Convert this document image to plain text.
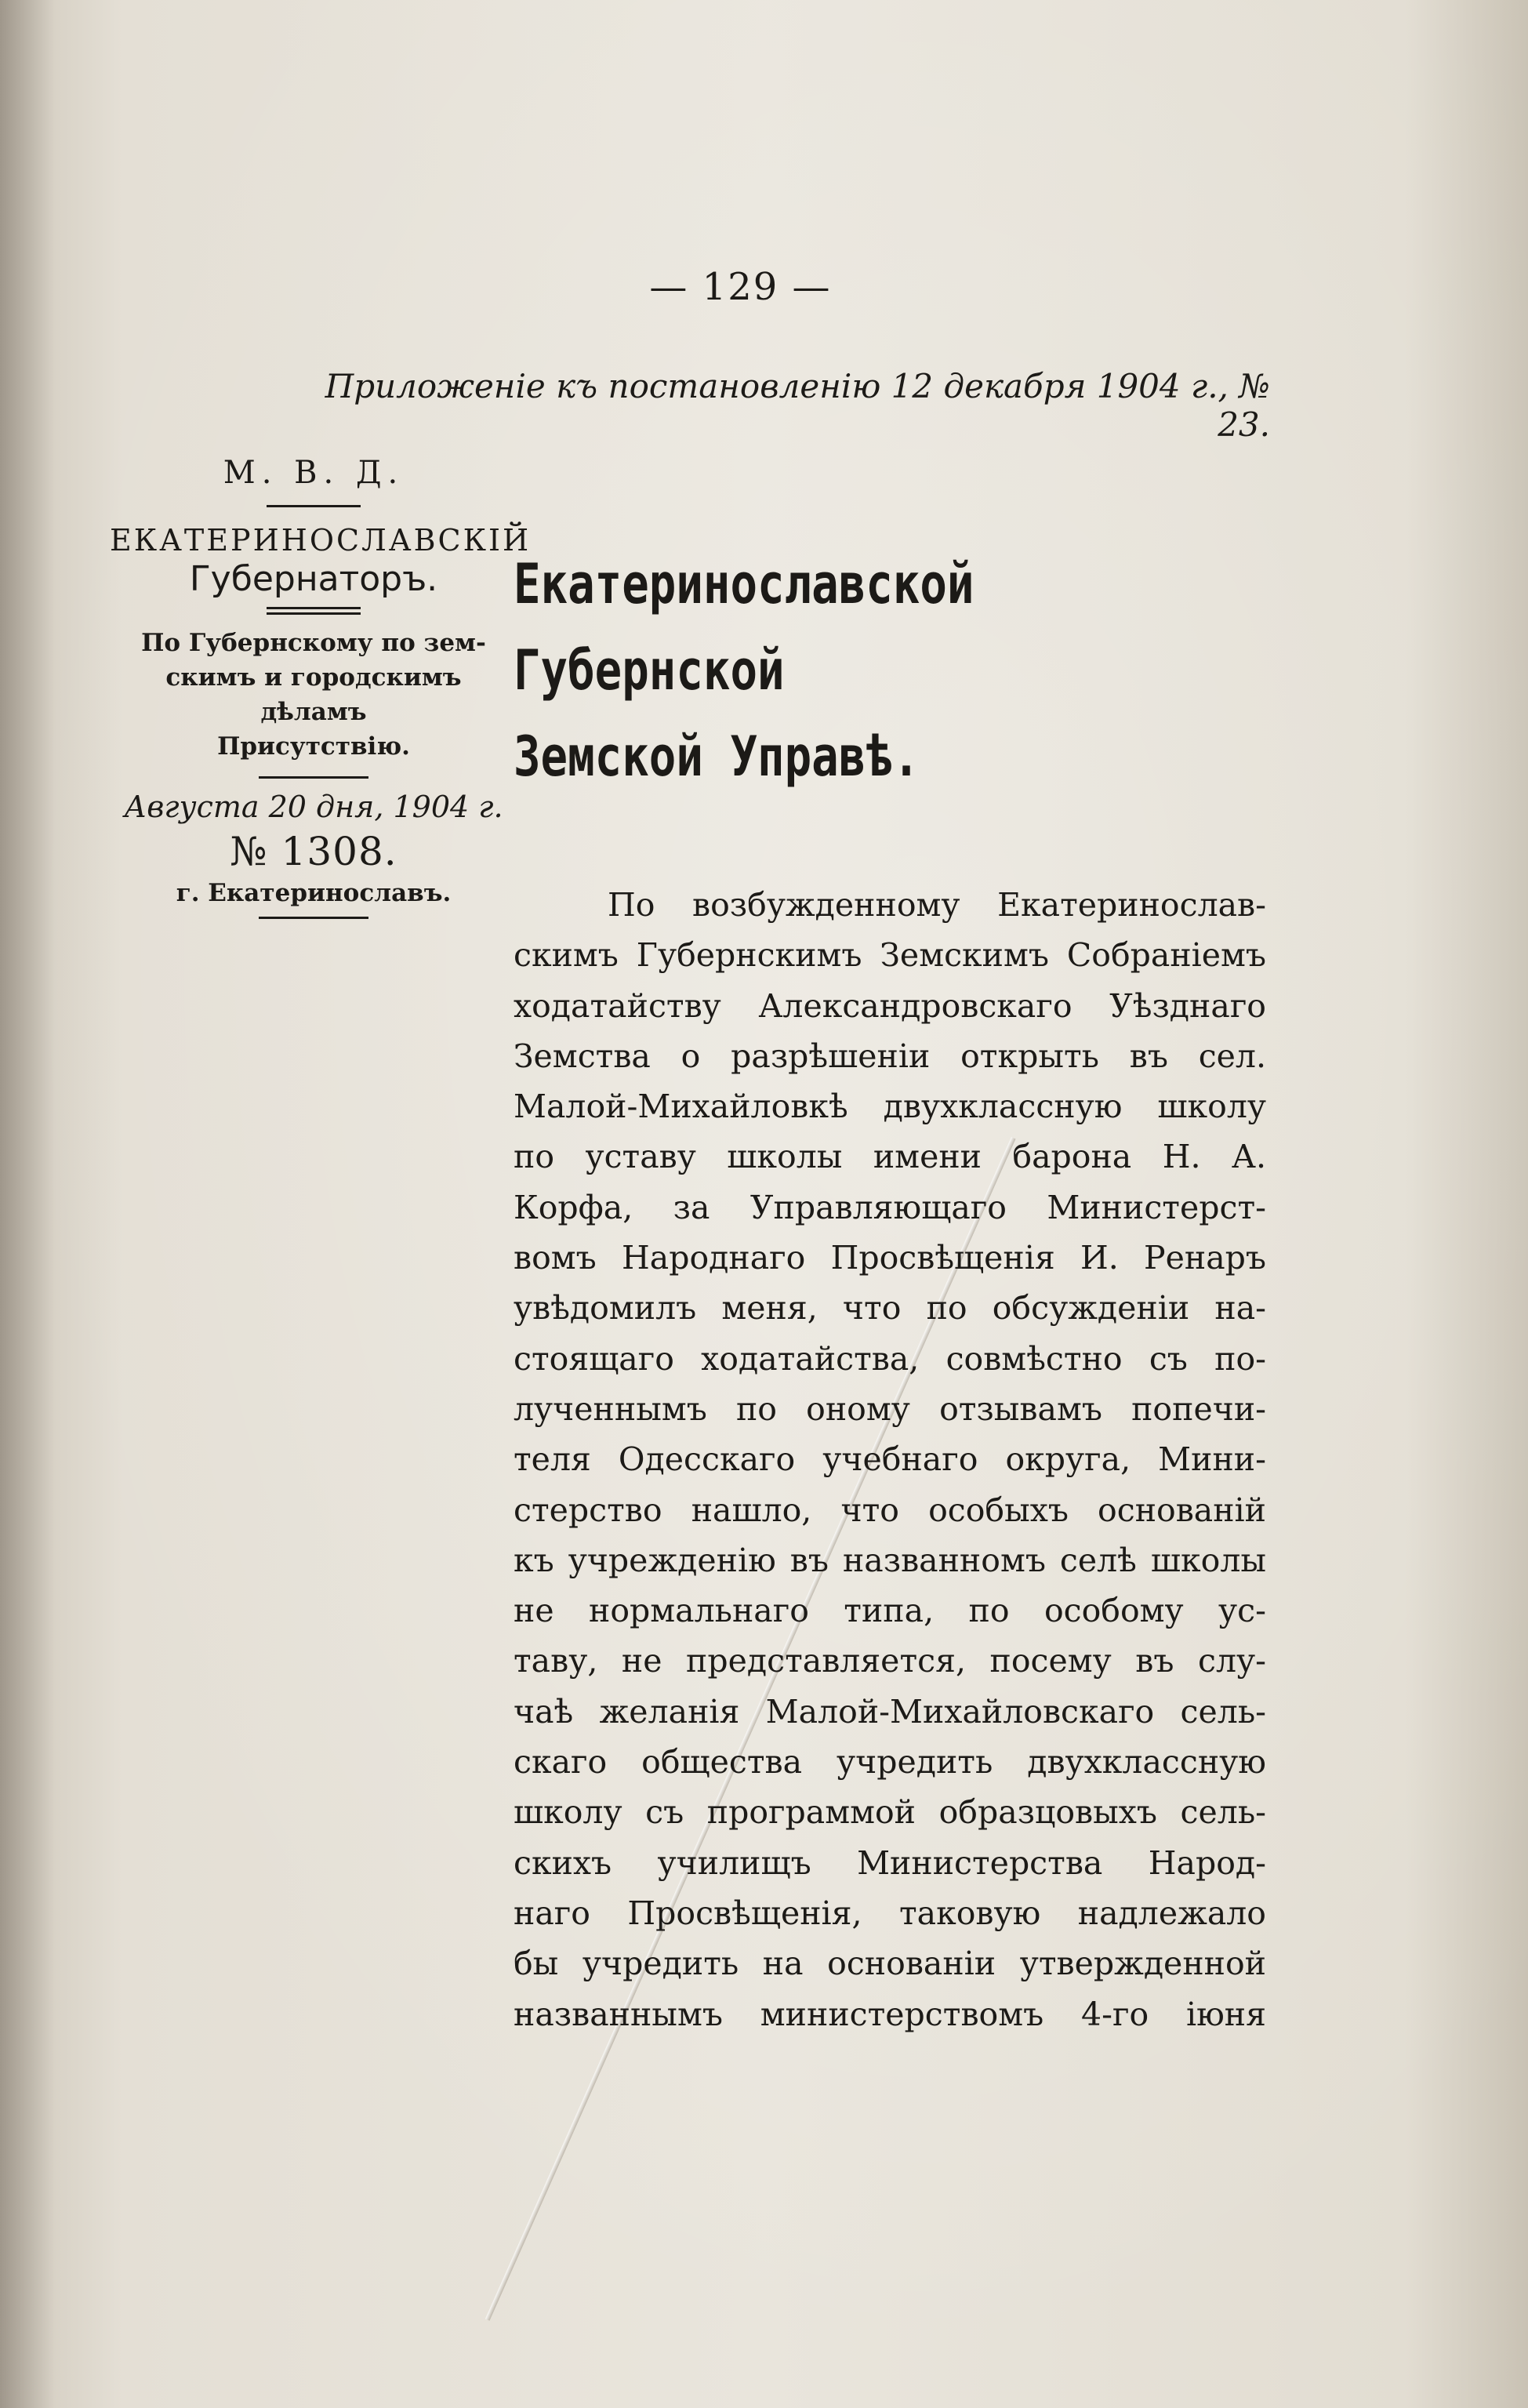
— 129 —
Приложеніе къ постановленію 12 декабря 1904 г., № 23.
М. В. Д.
ЕКАТЕРИНОСЛАВСКІЙ
Губернаторъ.
По Губернскому по зем-
скимъ и городскимъ дѣламъ
Присутствію.
Августа 20 дня, 1904 г.
№ 1308.
г. Екатеринославъ.
Екатеринославской Губернской
Земской Управѣ.
По возбужденному Екатеринослав-
скимъ Губернскимъ Земскимъ Собраніемъ
ходатайству Александровскаго Уѣзднаго
Земства о разрѣшеніи открыть въ сел.
Малой-Михайловкѣ двухклассную школу
по уставу школы имени барона Н. А.
Корфа, за Управляющаго Министерст-
вомъ Народнаго Просвѣщенія И. Ренаръ
увѣдомилъ меня, что по обсужденіи на-
стоящаго ходатайства, совмѣстно съ по-
лученнымъ по оному отзывамъ попечи-
теля Одесскаго учебнаго округа, Мини-
стерство нашло, что особыхъ основаній
къ учрежденію въ названномъ селѣ школы
не нормальнаго типа, по особому ус-
таву, не представляется, посему въ слу-
чаѣ желанія Малой-Михайловскаго сель-
скаго общества учредить двухклассную
школу съ программой образцовыхъ сель-
скихъ училищъ Министерства Народ-
наго Просвѣщенія, таковую надлежало
бы учредить на основаніи утвержденной
названнымъ министерствомъ 4-го іюня
